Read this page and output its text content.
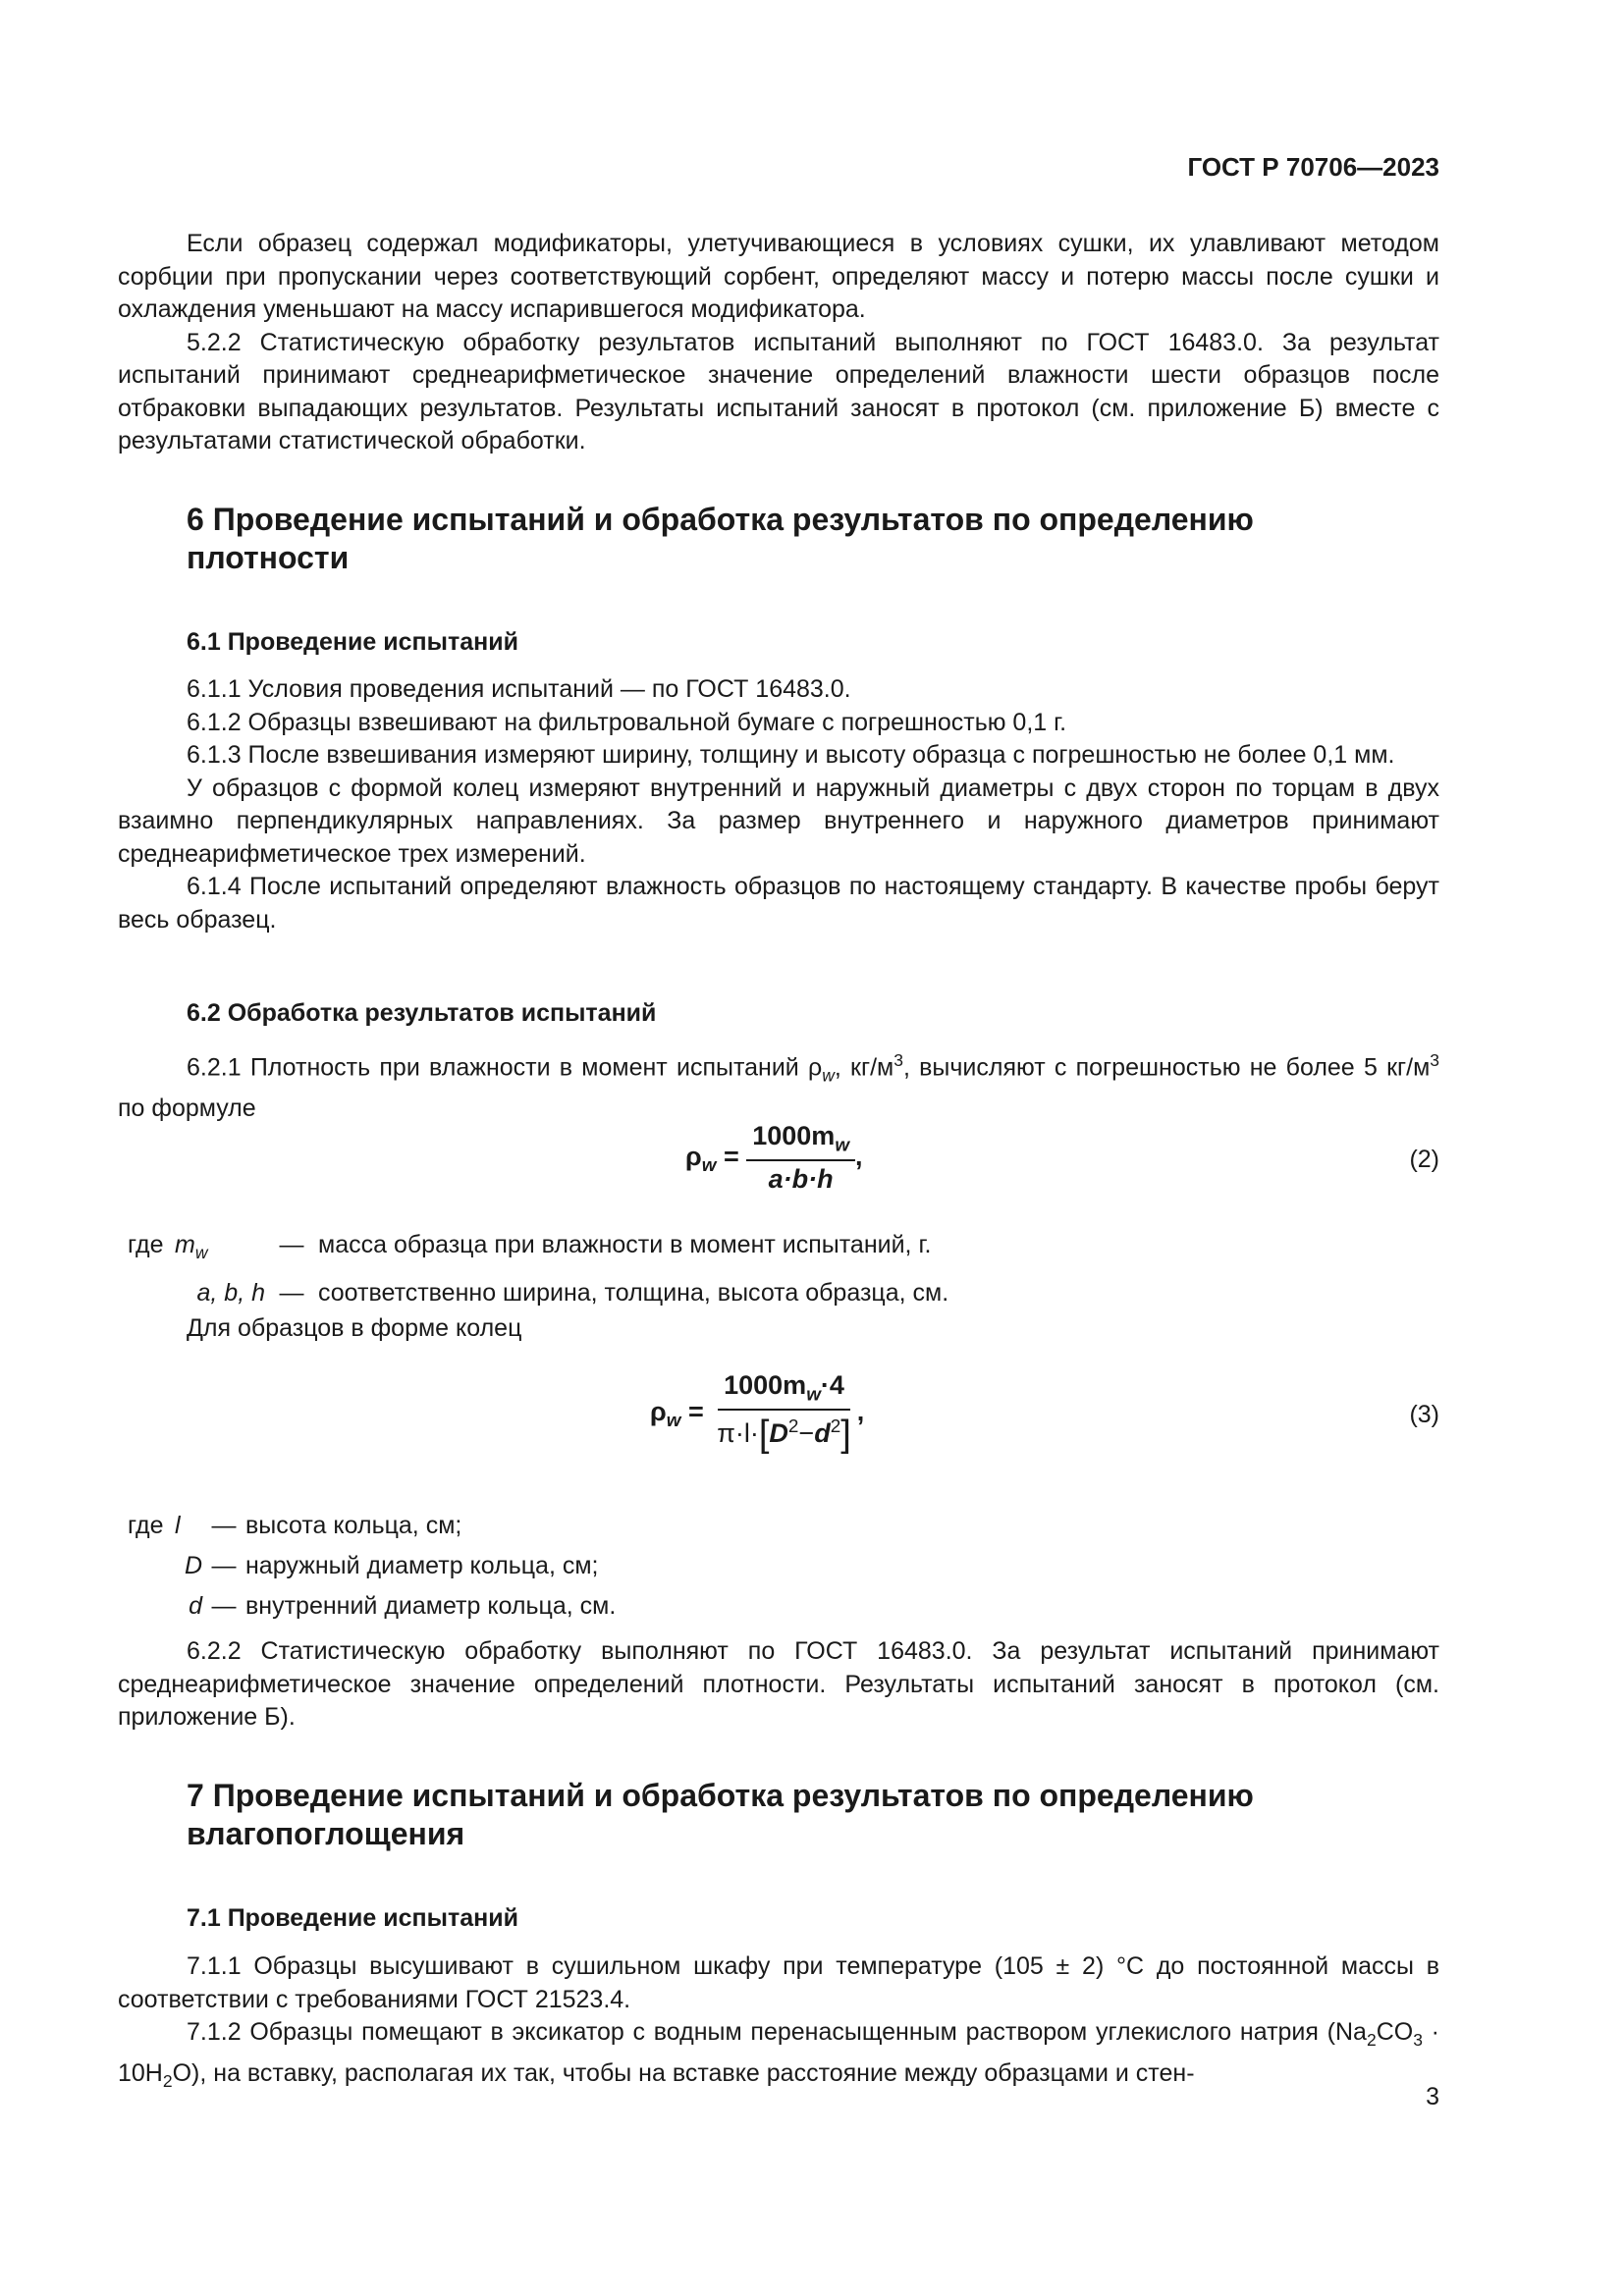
ГОСТ Р 70706—2023

Если образец содержал модификаторы, улетучивающиеся в условиях сушки, их улавливают методом сорбции при пропускании через соответствующий сорбент, определяют массу и потерю массы после сушки и охлаждения уменьшают на массу испарившегося модификатора.

5.2.2 Статистическую обработку результатов испытаний выполняют по ГОСТ 16483.0. За результат испытаний принимают среднеарифметическое значение определений влажности шести образцов после отбраковки выпадающих результатов. Результаты испытаний заносят в протокол (см. приложение Б) вместе с результатами статистической обработки.

6 Проведение испытаний и обработка результатов по определению плотности
6.1 Проведение испытаний

6.1.1 Условия проведения испытаний — по ГОСТ 16483.0.

6.1.2 Образцы взвешивают на фильтровальной бумаге с погрешностью 0,1 г.

6.1.3 После взвешивания измеряют ширину, толщину и высоту образца с погрешностью не более 0,1 мм.

У образцов с формой колец измеряют внутренний и наружный диаметры с двух сторон по торцам в двух взаимно перпендикулярных направлениях. За размер внутреннего и наружного диаметров принимают среднеарифметическое трех измерений.

6.1.4 После испытаний определяют влажность образцов по настоящему стандарту. В качестве пробы берут весь образец.

6.2 Обработка результатов испытаний

6.2.1 Плотность при влажности в момент испытаний $\rho_w$, $кг/м^3$, вычисляют с погрешностью не более 5 $кг/м^3$ по формуле

$\rho_w = \frac{1000m_w}{a\cdot b\cdot h}$ ,	(2)
где $m_w$	— масса образца при влажности в момент испытаний, г.
a, b, h — соответственно ширина, толщина, высота образца, см.

Для образцов в форме колец

$\rho_w = \frac{1000m_w\cdot 4}{\pi\cdot l\cdot[D^2-d^2]}$ ,	(3)
где l	— высота кольца, см;
D — наружный диаметр кольца, см;
d — внутренний диаметр кольца, см.

6.2.2 Статистическую обработку выполняют по ГОСТ 16483.0. За результат испытаний принимают среднеарифметическое значение определений плотности. Результаты испытаний заносят в протокол (см. приложение Б).

7 Проведение испытаний и обработка результатов по определению влагопоглощения
7.1 Проведение испытаний

7.1.1 Образцы высушивают в сушильном шкафу при температуре (105 ± 2) °С до постоянной массы в соответствии с требованиями ГОСТ 21523.4.

7.1.2 Образцы помещают в эксикатор с водным перенасыщенным раствором углекислого натрия $(Na_2CO_3 \cdot 10H_2O)$, на вставку, располагая их так, чтобы на вставке расстояние между образцами и стен-

3
